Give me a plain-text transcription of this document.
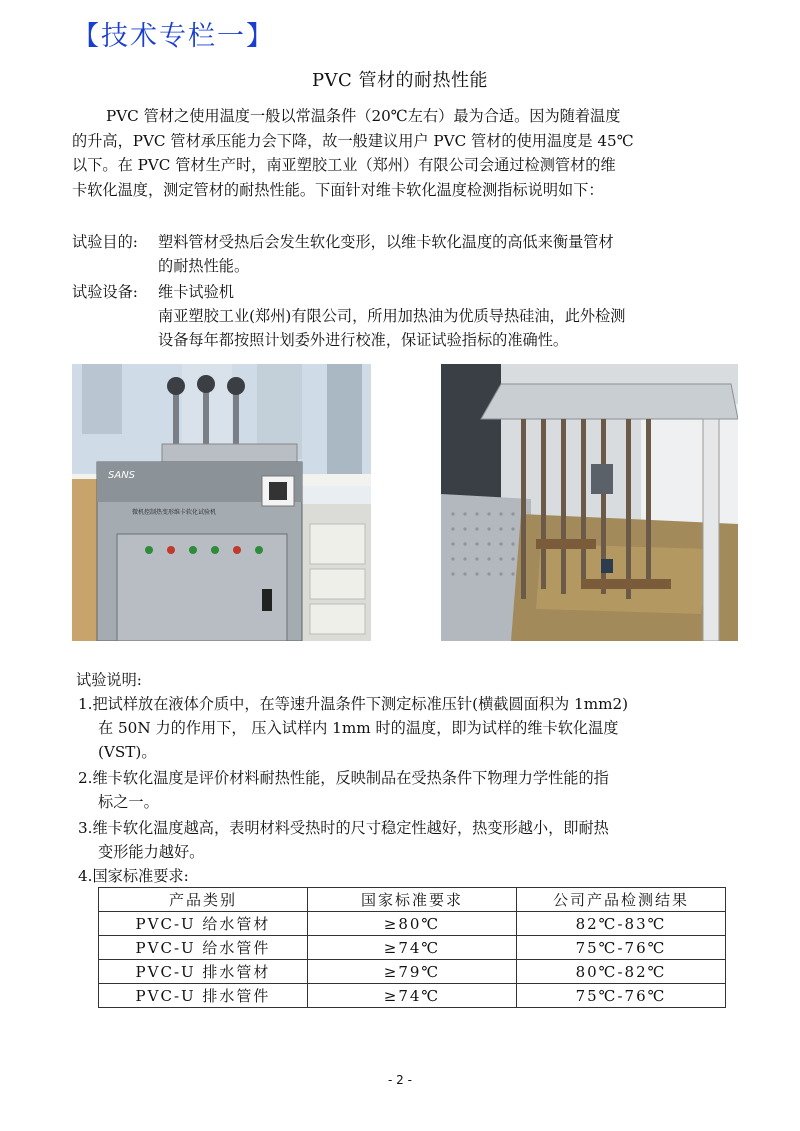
【技术专栏一】
PVC 管材的耐热性能
PVC 管材之使用温度一般以常温条件（20℃左右）最为合适。因为随着温度
的升高，PVC 管材承压能力会下降，故一般建议用户 PVC 管材的使用温度是 45℃
以下。在 PVC 管材生产时，南亚塑胶工业（郑州）有限公司会通过检测管材的维
卡软化温度，测定管材的耐热性能。下面针对维卡软化温度检测指标说明如下：
试验目的: 塑料管材受热后会发生软化变形，以维卡软化温度的高低来衡量管材
的耐热性能。
试验设备: 维卡试验机
南亚塑胶工业(郑州)有限公司，所用加热油为优质导热硅油，此外检测
设备每年都按照计划委外进行校准，保证试验指标的准确性。
SANS
微机控制热变形维卡软化试验机
试验说明:
1.把试样放在液体介质中，在等速升温条件下测定标准压针(横截圆面积为 1mm2)
在 50N 力的作用下， 压入试样内 1mm 时的温度，即为试样的维卡软化温度
(VST)。
2.维卡软化温度是评价材料耐热性能，反映制品在受热条件下物理力学性能的指
标之一。
3.维卡软化温度越高，表明材料受热时的尺寸稳定性越好，热变形越小，即耐热
变形能力越好。
4.国家标准要求:
产品类别	国家标准要求	公司产品检测结果
PVC-U 给水管材	≥80℃	82℃-83℃
PVC-U 给水管件	≥74℃	75℃-76℃
PVC-U 排水管材	≥79℃	80℃-82℃
PVC-U 排水管件	≥74℃	75℃-76℃
- 2 -
